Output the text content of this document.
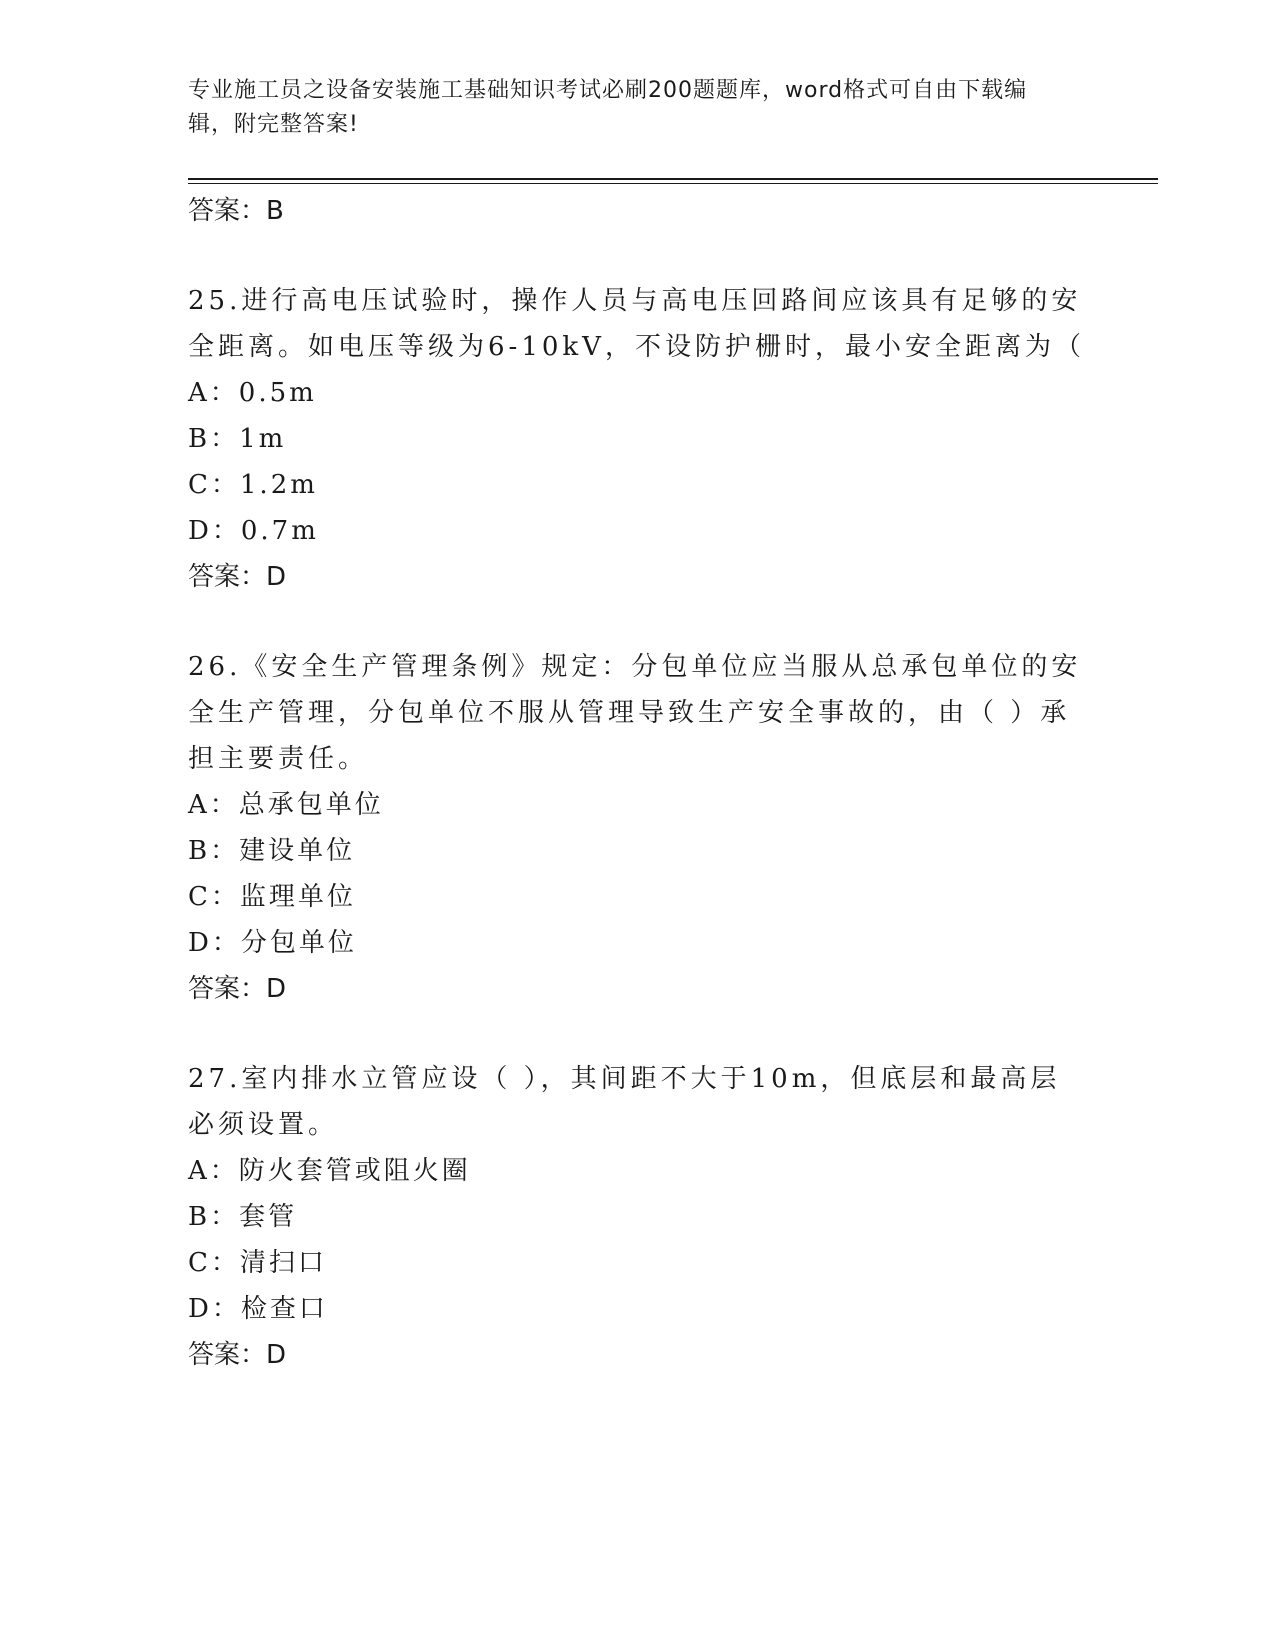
专业施工员之设备安装施工基础知识考试必刷200题题库，word格式可自由下载编辑，附完整答案!
答案：B
25.进行高电压试验时，操作人员与高电压回路间应该具有足够的安全距离。如电压等级为6-10kV，不设防护栅时，最小安全距离为（
A：0.5m
B：1m
C：1.2m
D：0.7m
答案：D
26.《安全生产管理条例》规定：分包单位应当服从总承包单位的安全生产管理，分包单位不服从管理导致生产安全事故的，由（ ）承担主要责任。
A：总承包单位
B：建设单位
C：监理单位
D：分包单位
答案：D
27.室内排水立管应设（ ），其间距不大于10m，但底层和最高层必须设置。
A：防火套管或阻火圈
B：套管
C：清扫口
D：检查口
答案：D
